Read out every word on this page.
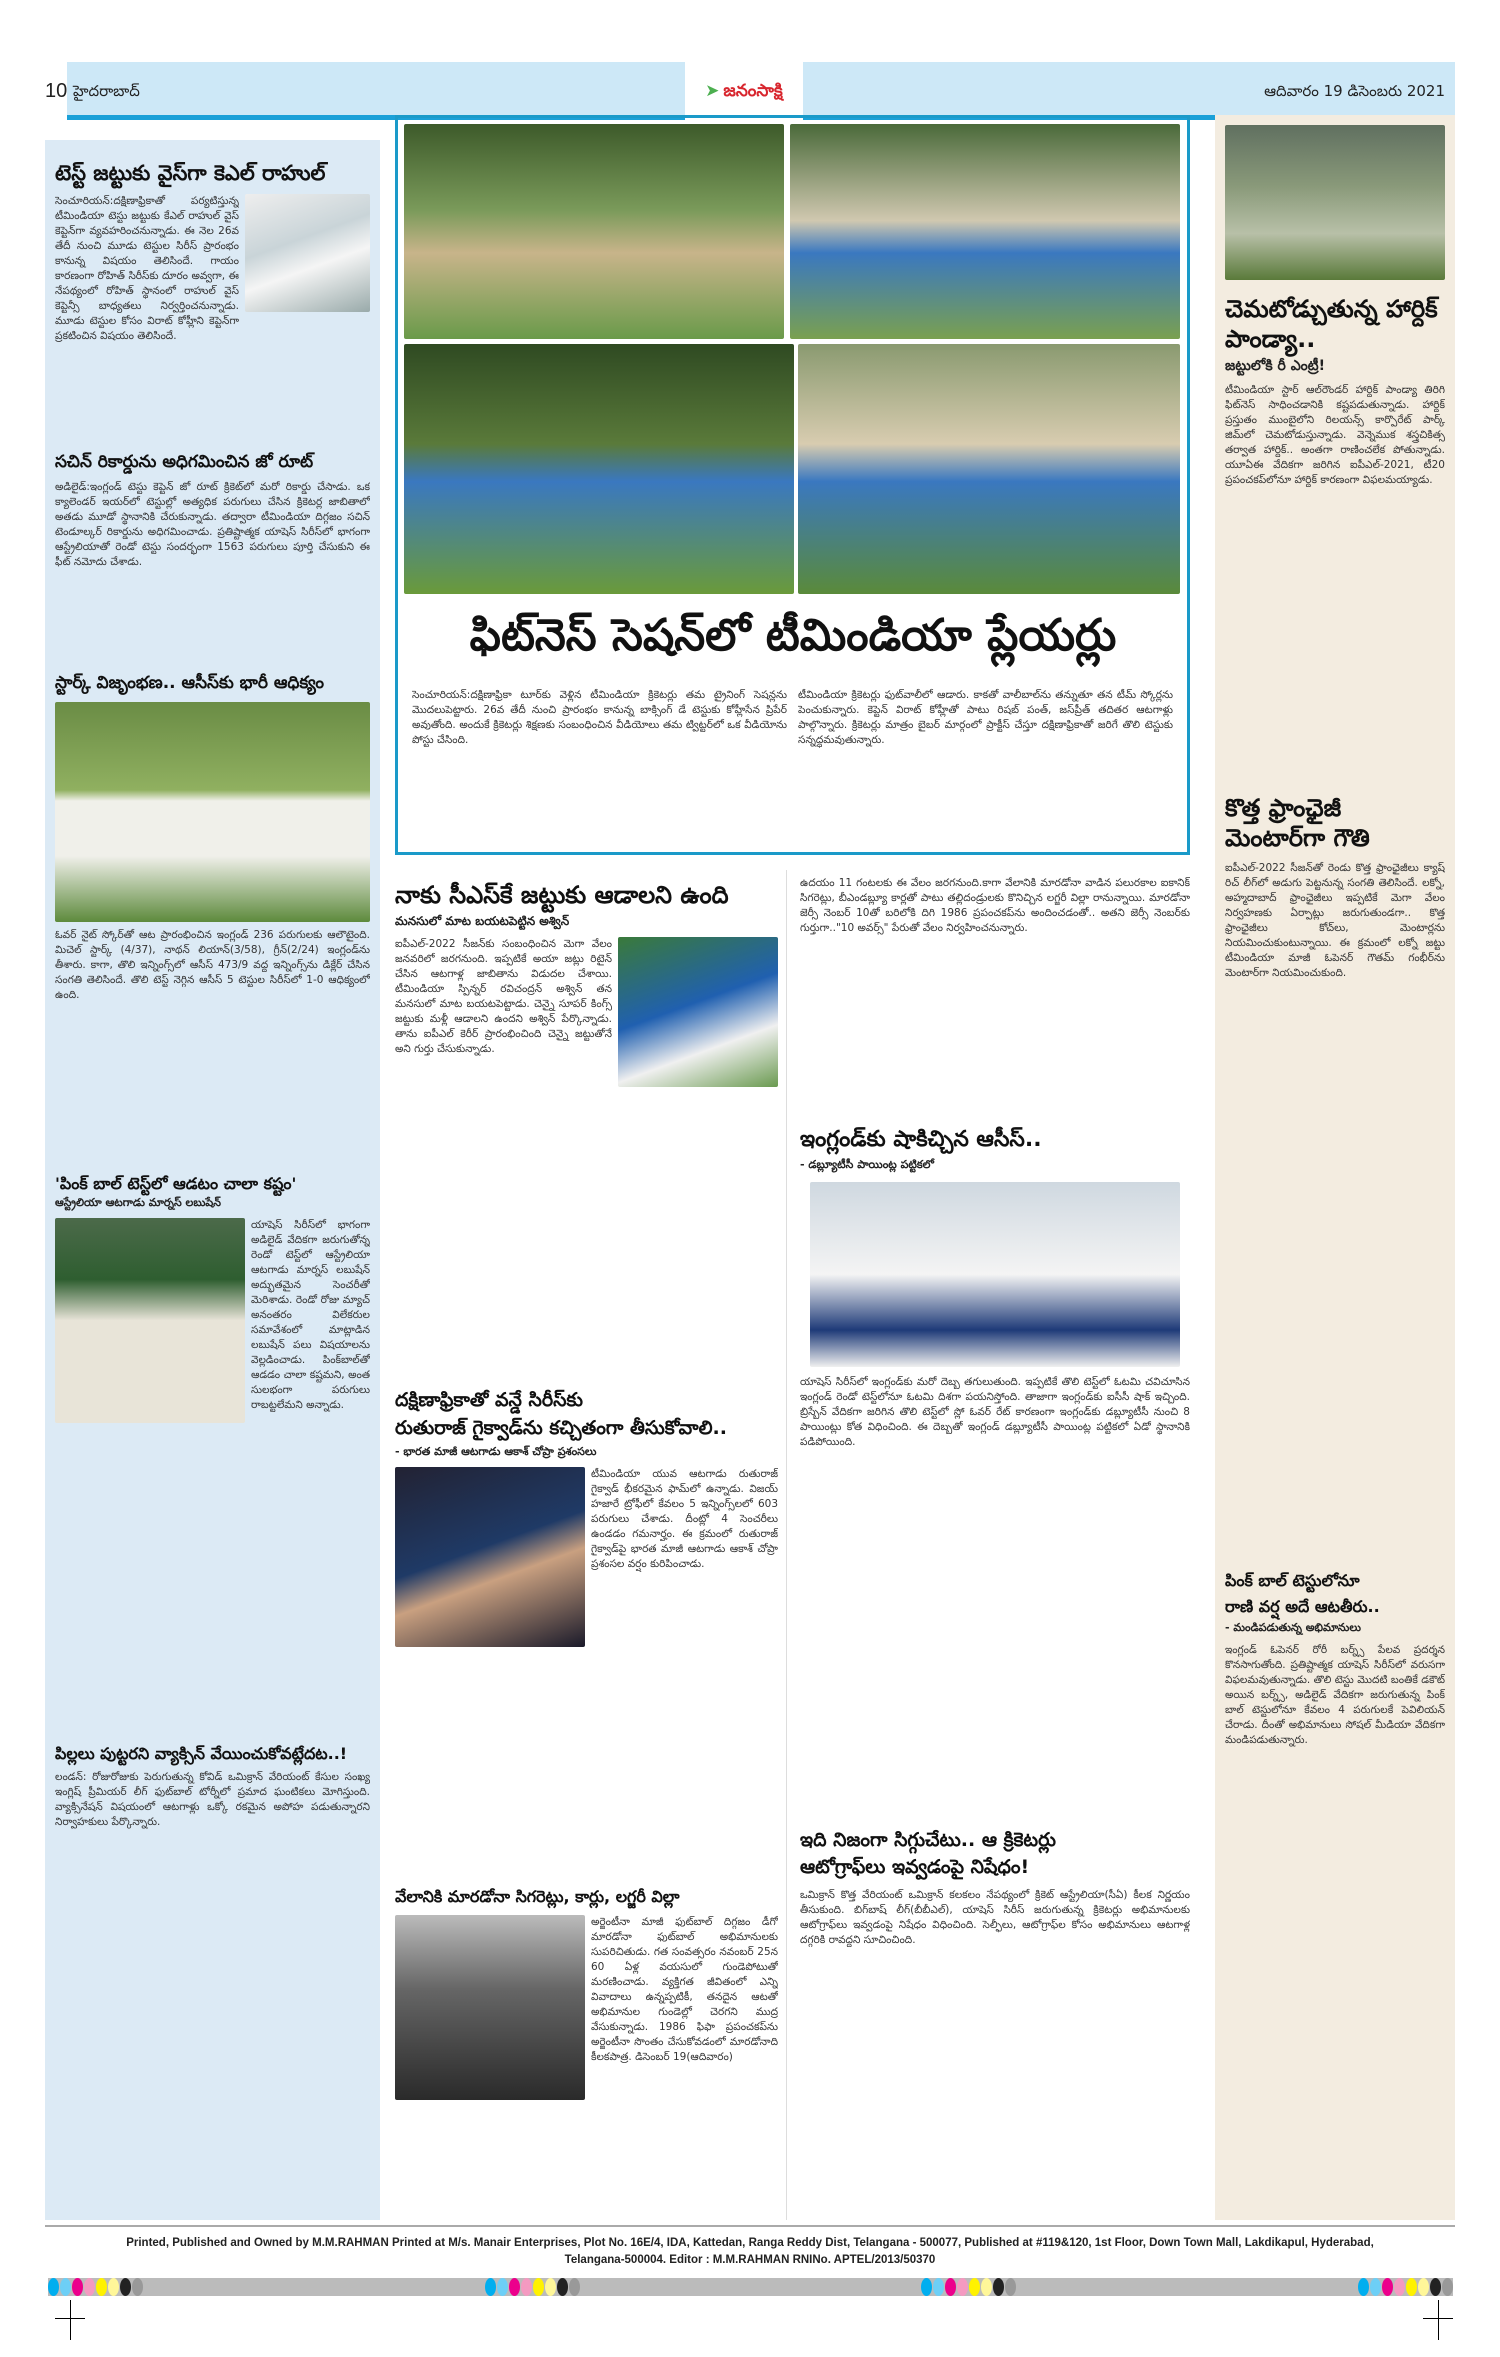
10 హైదరాబాద్	➤ జనంసాక్షి	ఆదివారం 19 డిసెంబరు 2021
టెస్ట్ జట్టుకు వైస్‌గా కెఎల్ రాహుల్
సెంచూరియన్:దక్షిణాఫ్రికాతో పర్యటిస్తున్న టీమిండియా టెస్టు జట్టుకు కేఎల్ రాహుల్ వైస్ కెప్టెన్‌గా వ్యవహరించనున్నాడు. ఈ నెల 26వ తేదీ నుంచి మూడు టెస్టుల సిరీస్ ప్రారంభం కానున్న విషయం తెలిసిందే. గాయం కారణంగా రోహిత్ సిరీస్‌కు దూరం అవ్వగా, ఈ నేపథ్యంలో రోహిత్ స్థానంలో రాహుల్‌ వైస్ కెప్టెన్సీ బాధ్యతలు నిర్వర్తించనున్నాడు. మూడు టెస్టుల కోసం విరాట్ కోహ్లీని కెప్టెన్‌గా ప్రకటించిన విషయం తెలిసిందే.
సచిన్ రికార్డును అధిగమించిన జో రూట్
అడిలైడ్:ఇంగ్లండ్ టెస్టు కెప్టెన్ జో రూట్ క్రికెట్‌లో మరో రికార్డు చేసాడు. ఒక క్యాలెండర్ ఇయర్‌లో టెస్టుల్లో అత్యధిక పరుగులు చేసిన క్రికెటర్ల జాబితాలో అతడు మూడో స్థానానికి చేరుకున్నాడు. తద్వారా టీమిండియా దిగ్గజం సచిన్ టెండూల్కర్ రికార్డును అధిగమించాడు. ప్రతిష్టాత్మక యాషెస్ సిరీస్‌లో భాగంగా ఆస్ట్రేలియాతో రెండో టెస్టు సందర్భంగా 1563 పరుగులు పూర్తి చేసుకుని ఈ ఫీట్ నమోదు చేశాడు.
స్టార్క్ విజృంభణ.. ఆసీస్‌కు భారీ ఆధిక్యం
ఓవర్ నైట్ స్కోర్‌తో ఆట ప్రారంభించిన ఇంగ్లండ్ 236 పరుగులకు ఆలౌటైంది. మిచెల్ స్టార్క్ (4/37), నాథన్ లియాన్(3/58), గ్రీన్(2/24) ఇంగ్లండ్‌ను తీశారు. కాగా, తొలి ఇన్నింగ్స్‌లో ఆసీస్ 473/9 వద్ద ఇన్నింగ్స్‌ను డిక్లేర్ చేసిన సంగతి తెలిసిందే. తొలి టెస్ట్ నెగ్గిన ఆసీస్ 5 టెస్టుల సిరీస్‌లో 1-0 ఆధిక్యంలో ఉంది.
'పింక్ బాల్ టెస్ట్‌లో ఆడటం చాలా కష్టం'
ఆస్ట్రేలియా ఆటగాడు మార్నస్ లబుషేన్
యాషెస్ సిరీస్‌లో భాగంగా అడిలైడ్ వేదికగా జరుగుతోన్న రెండో టెస్ట్‌లో ఆస్ట్రేలియా ఆటగాడు మార్నస్ లబుషేన్ అద్భుతమైన సెంచరీతో మెరిశాడు. రెండో రోజు మ్యాచ్ అనంతరం విలేకరుల సమావేశంలో మాట్లాడిన లబుషేన్ పలు విషయాలను వెల్లడించాడు. పింక్‌బాల్‌తో ఆడడం చాలా కష్టమని, అంత సులభంగా పరుగులు రాబట్టలేమని అన్నాడు.
పిల్లలు పుట్టరని వ్యాక్సిన్ వేయించుకోవట్లేదట..!
లండన్: రోజురోజుకు పెరుగుతున్న కోవిడ్ ఒమిక్రాన్ వేరియంట్ కేసుల సంఖ్య ఇంగ్లిష్ ప్రీమియర్ లీగ్ ఫుట్‌బాల్ టోర్నీలో ప్రమాద ఘంటికలు మోగిస్తుంది. వ్యాక్సినేషన్ విషయంలో ఆటగాళ్లు ఒక్కో రకమైన అపోహ పడుతున్నారని నిర్వాహకులు పేర్కొన్నారు.
ఫిట్‌నెస్ సెషన్‌లో టీమిండియా ప్లేయర్లు
సెంచూరియన్:దక్షిణాఫ్రికా టూర్‌కు వెళ్లిన టీమిండియా క్రికెటర్లు తమ ట్రైనింగ్ సెషన్లను మొదలుపెట్టారు. 26వ తేదీ నుంచి ప్రారంభం కానున్న బాక్సింగ్ డే టెస్టుకు కోహ్లీసేన ప్రిపేర్ అవుతోంది. అందుకే క్రికెటర్లు శిక్షణకు సంబంధించిన వీడియోలు తమ ట్విట్టర్‌లో ఒక వీడియోను పోస్టు చేసింది.
టీమిండియా క్రికెటర్లు ఫుట్‌వాలీలో ఆడారు. కాకతో వాలీబాల్‌ను తన్నుతూ తన టీమ్ స్కోర్లను పెంచుకున్నారు. కెప్టెన్ విరాట్ కోహ్లీతో పాటు రిషబ్ పంత్, జస్‌ప్రీత్ తదితర ఆటగాళ్లు పాల్గొన్నారు. క్రికెటర్లు మాత్రం బైబర్ మార్గంలో ప్రాక్టీస్ చేస్తూ దక్షిణాఫ్రికాతో జరిగే తొలి టెస్టుకు సన్నద్ధమవుతున్నారు.
నాకు సీఎస్‌కే జట్టుకు ఆడాలని ఉంది
మనసులో మాట బయటపెట్టిన అశ్విన్
ఐపీఎల్-2022 సీజన్‌కు సంబంధించిన మెగా వేలం జనవరిలో జరగనుంది. ఇప్పటికే అయా జట్లు రిటైన్ చేసిన ఆటగాళ్ల జాబితాను విడుదల చేశాయి. టీమిండియా స్పిన్నర్ రవిచంద్రన్ అశ్విన్ తన మనసులో మాట బయటపెట్టాడు. చెన్నై సూపర్ కింగ్స్ జట్టుకు మళ్లీ ఆడాలని ఉందని అశ్విన్ పేర్కొన్నాడు. తాను ఐపీఎల్ కెరీర్ ప్రారంభించింది చెన్నై జట్టుతోనే అని గుర్తు చేసుకున్నాడు.
దక్షిణాఫ్రికాతో వన్డే సిరీస్‌కు
రుతురాజ్ గైక్వాడ్‌ను కచ్చితంగా తీసుకోవాలి..
- భారత మాజీ ఆటగాడు ఆకాశ్ చోప్రా ప్రశంసలు
టీమిండియా యువ ఆటగాడు రుతురాజ్ గైక్వాడ్ భీకరమైన ఫామ్‌లో ఉన్నాడు. విజయ్ హజారే ట్రోఫీలో కేవలం 5 ఇన్నింగ్స్‌లలో 603 పరుగులు చేశాడు. దీంట్లో 4 సెంచరీలు ఉండడం గమనార్హం. ఈ క్రమంలో రుతురాజ్ గైక్వాడ్‌పై భారత మాజీ ఆటగాడు ఆకాశ్ చోప్రా ప్రశంసల వర్షం కురిపించాడు.
వేలానికి మారడోనా సిగరెట్లు, కార్లు, లగ్జరీ విల్లా
అర్జెంటీనా మాజీ ఫుట్‌బాల్ దిగ్గజం డీగో మారడోనా ఫుట్‌బాల్ అభిమానులకు సుపరిచితుడు. గత సంవత్సరం నవంబర్ 25న 60 ఏళ్ల వయసులో గుండెపోటుతో మరణించాడు. వ్యక్తిగత జీవితంలో ఎన్ని వివాదాలు ఉన్నప్పటికీ, తనదైన ఆటతో అభిమానుల గుండెల్లో చెరగని ముద్ర వేసుకున్నాడు. 1986 ఫిఫా ప్రపంచకప్‌ను అర్జెంటీనా సొంతం చేసుకోవడంలో మారడోనాది కీలకపాత్ర. డిసెంబర్ 19(ఆదివారం)
ఉదయం 11 గంటలకు ఈ వేలం జరగనుంది.కాగా వేలానికి మారడోనా వాడిన పలురకాల ఐకానిక్ సిగరెట్లు, బీఎండబ్ల్యూ కార్లతో పాటు తల్లిదండ్రులకు కొనిచ్చిన లగ్జరీ విల్లా రానున్నాయి. మారడోనా జెర్సీ నెంబర్ 10తో బరిలోకి దిగి 1986 ప్రపంచకప్‌ను అందించడంతో.. అతని జెర్సీ నెంబర్‌కు గుర్తుగా.."10 అవర్స్" పేరుతో వేలం నిర్వహించనున్నారు.
ఇంగ్లండ్‌కు షాకిచ్చిన ఆసీస్..
- డబ్ల్యూటీసీ పాయింట్ల పట్టికలో
యాషెస్ సిరీస్‌లో ఇంగ్లండ్‌కు మరో దెబ్బ తగులుతుంది. ఇప్పటికే తొలి టెస్ట్‌లో ఓటమి చవిచూసిన ఇంగ్లండ్ రెండో టెస్ట్‌లోనూ ఓటమి దిశగా పయనిస్తోంది. తాజాగా ఇంగ్లండ్‌కు ఐసీసీ షాక్ ఇచ్చింది. బ్రిస్బేన్ వేదికగా జరిగిన తొలి టెస్ట్‌లో స్లో ఓవర్ రేట్ కారణంగా ఇంగ్లండ్‌కు డబ్ల్యూటీసీ నుంచి 8 పాయింట్లు కోత విధించింది. ఈ దెబ్బతో ఇంగ్లండ్ డబ్ల్యూటీసీ పాయింట్ల పట్టికలో ఏడో స్థానానికి పడిపోయింది.
ఇది నిజంగా సిగ్గుచేటు.. ఆ క్రికెటర్లు
ఆటోగ్రాఫ్‌లు ఇవ్వడంపై నిషేధం!
ఒమిక్రాన్ కొత్త వేరియంట్ ఒమిక్రాన్ కలకలం నేపథ్యంలో క్రికెట్ ఆస్ట్రేలియా(సీఏ) కీలక నిర్ణయం తీసుకుంది. బిగ్‌బాష్ లీగ్(బీబీఎల్), యాషెస్ సిరీస్ జరుగుతున్న క్రికెటర్లు అభిమానులకు ఆటోగ్రాఫ్‌లు ఇవ్వడంపై నిషేధం విధించింది. సెల్ఫీలు, ఆటోగ్రాఫ్‌ల కోసం అభిమానులు ఆటగాళ్ల దగ్గరికి రావద్దని సూచించింది.
చెమటోడ్చుతున్న హార్దిక్ పాండ్యా..
జట్టులోకి రీ ఎంట్రీ!
టీమిండియా స్టార్ ఆల్‌రౌండర్ హార్దిక్ పాండ్యా తిరిగి ఫిట్‌నెస్ సాధించడానికి కష్టపడుతున్నాడు. హార్దిక్ ప్రస్తుతం ముంబైలోని రిలయన్స్ కార్పొరేట్ పార్క్ జిమ్‌లో చెమటోడుస్తున్నాడు. వెన్నెముక శస్త్రచికిత్స తర్వాత హార్దిక్.. అంతగా రాణించలేక పోతున్నాడు. యూఏఈ వేదికగా జరిగిన ఐపీఎల్-2021, టీ20 ప్రపంచకప్‌లోనూ హార్దిక్ కారణంగా విఫలమయ్యాడు.
కొత్త ఫ్రాంఛైజీ మెంటార్‌గా గౌతి
ఐపీఎల్-2022 సీజన్‌తో రెండు కొత్త ఫ్రాంఛైజీలు క్యాష్ రిచ్ లీగ్‌లో అడుగు పెట్టనున్న సంగతి తెలిసిందే. లక్నో, అహ్మదాబాద్ ఫ్రాంఛైజీలు ఇప్పటికే మెగా వేలం నిర్వహణకు ఏర్పాట్లు జరుగుతుండగా.. కొత్త ఫ్రాంఛైజీలు కోచ్‌లు, మెంటార్లను నియమించుకుంటున్నాయి. ఈ క్రమంలో లక్నో జట్టు టీమిండియా మాజీ ఓపెనర్ గౌతమ్ గంభీర్‌ను మెంటార్‌గా నియమించుకుంది.
పింక్ బాల్ టెస్టులోనూ
రాణి వర్ష అదే ఆటతీరు..
- మండిపడుతున్న అభిమానులు
ఇంగ్లండ్ ఓపెనర్ రోరీ బర్న్స్ పేలవ ప్రదర్శన కొనసాగుతోంది. ప్రతిష్టాత్మక యాషెస్ సిరీస్‌లో వరుసగా విఫలమవుతున్నాడు. తొలి టెస్టు మొదటి బంతికే డకౌట్ అయిన బర్న్స్, అడిలైడ్ వేదికగా జరుగుతున్న పింక్ బాల్ టెస్టులోనూ కేవలం 4 పరుగులకే పెవిలియన్ చేరాడు. దీంతో అభిమానులు సోషల్ మీడియా వేదికగా మండిపడుతున్నారు.
Printed, Published and Owned by M.M.RAHMAN Printed at M/s. Manair Enterprises, Plot No. 16E/4, IDA, Kattedan, Ranga Reddy Dist, Telangana - 500077, Published at #119&120, 1st Floor, Down Town Mall, Lakdikapul, Hyderabad,
Telangana-500004. Editor : M.M.RAHMAN RNINo. APTEL/2013/50370
